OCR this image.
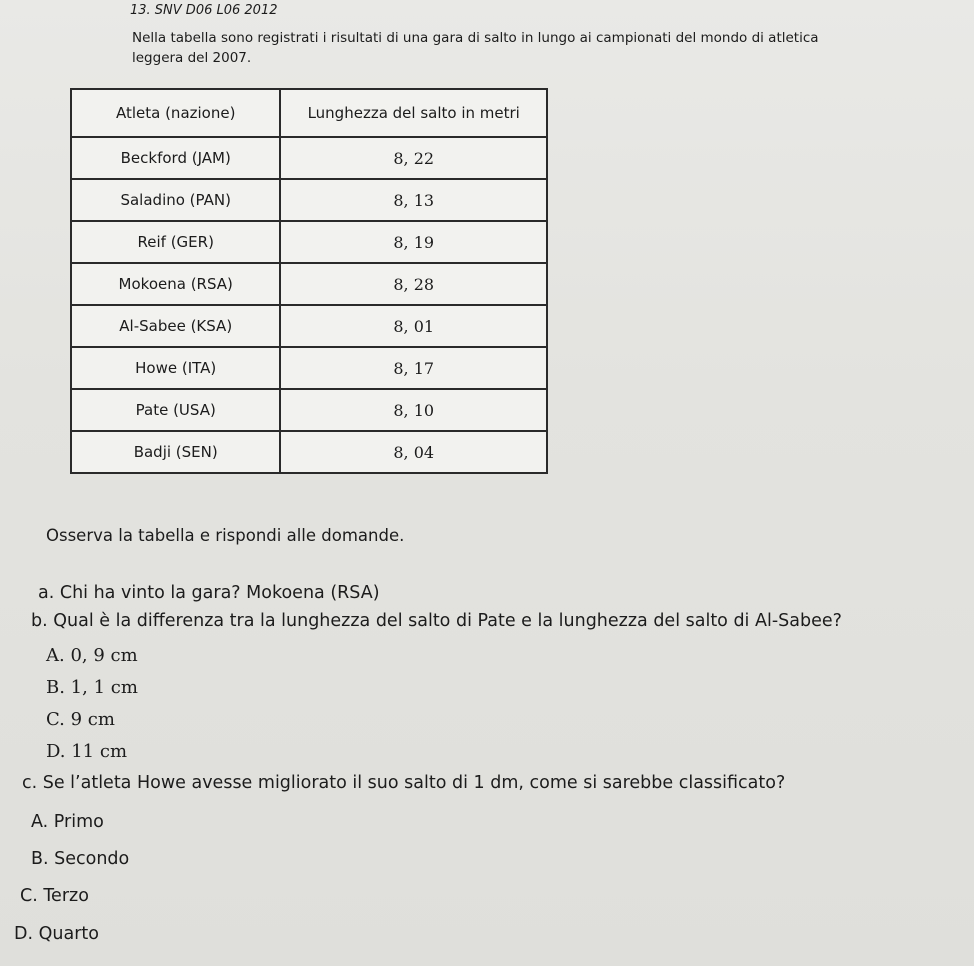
13. SNV D06 L06 2012
Nella tabella sono registrati i risultati di una gara di salto in lungo ai campionati del mondo di atletica leggera del 2007.
Atleta (nazione)	Lunghezza del salto in metri
Beckford (JAM)	8, 22
Saladino (PAN)	8, 13
Reif (GER)	8, 19
Mokoena (RSA)	8, 28
Al-Sabee (KSA)	8, 01
Howe (ITA)	8, 17
Pate (USA)	8, 10
Badji (SEN)	8, 04
Osserva la tabella e rispondi alle domande.
a. Chi ha vinto la gara? Mokoena (RSA)
b. Qual è la differenza tra la lunghezza del salto di Pate e la lunghezza del salto di Al-Sabee?
A. 0, 9 cm
B. 1, 1 cm
C. 9 cm
D. 11 cm
c. Se l’atleta Howe avesse migliorato il suo salto di 1 dm, come si sarebbe classificato?
A. Primo
B. Secondo
C. Terzo
D. Quarto
